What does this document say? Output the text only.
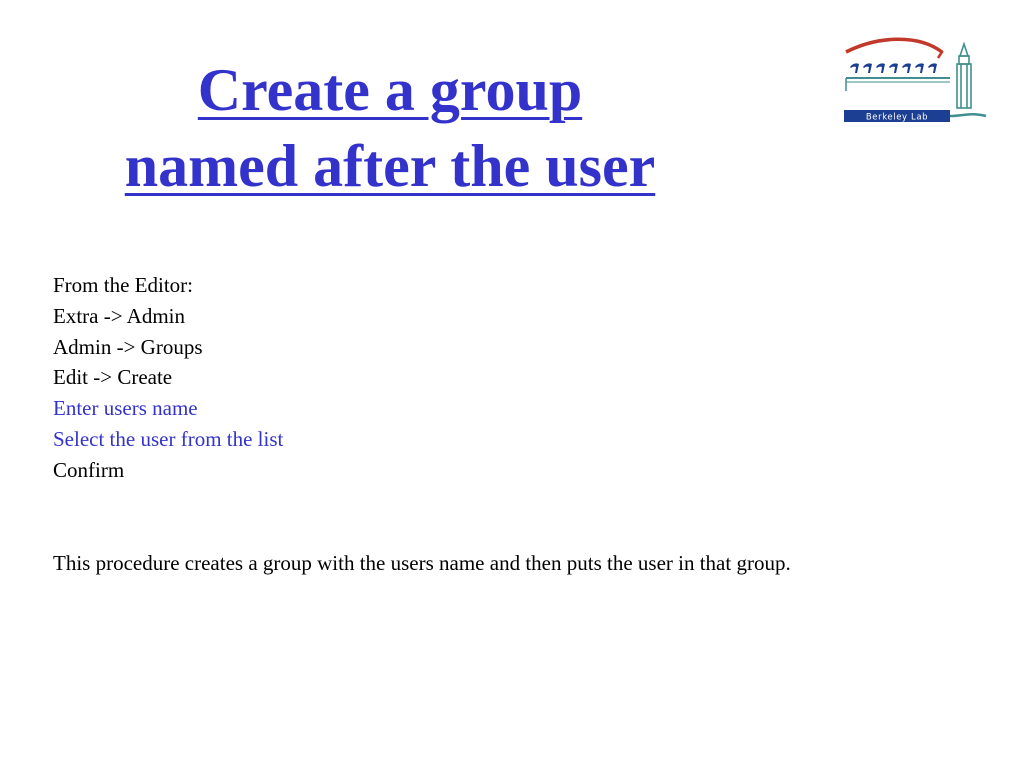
Create a group
named after the user
Berkeley Lab
From the Editor:
Extra -> Admin
Admin -> Groups
Edit -> Create
Enter users name
Select the user from the list
Confirm

This procedure creates a group with the users name and then puts the user in that group.
